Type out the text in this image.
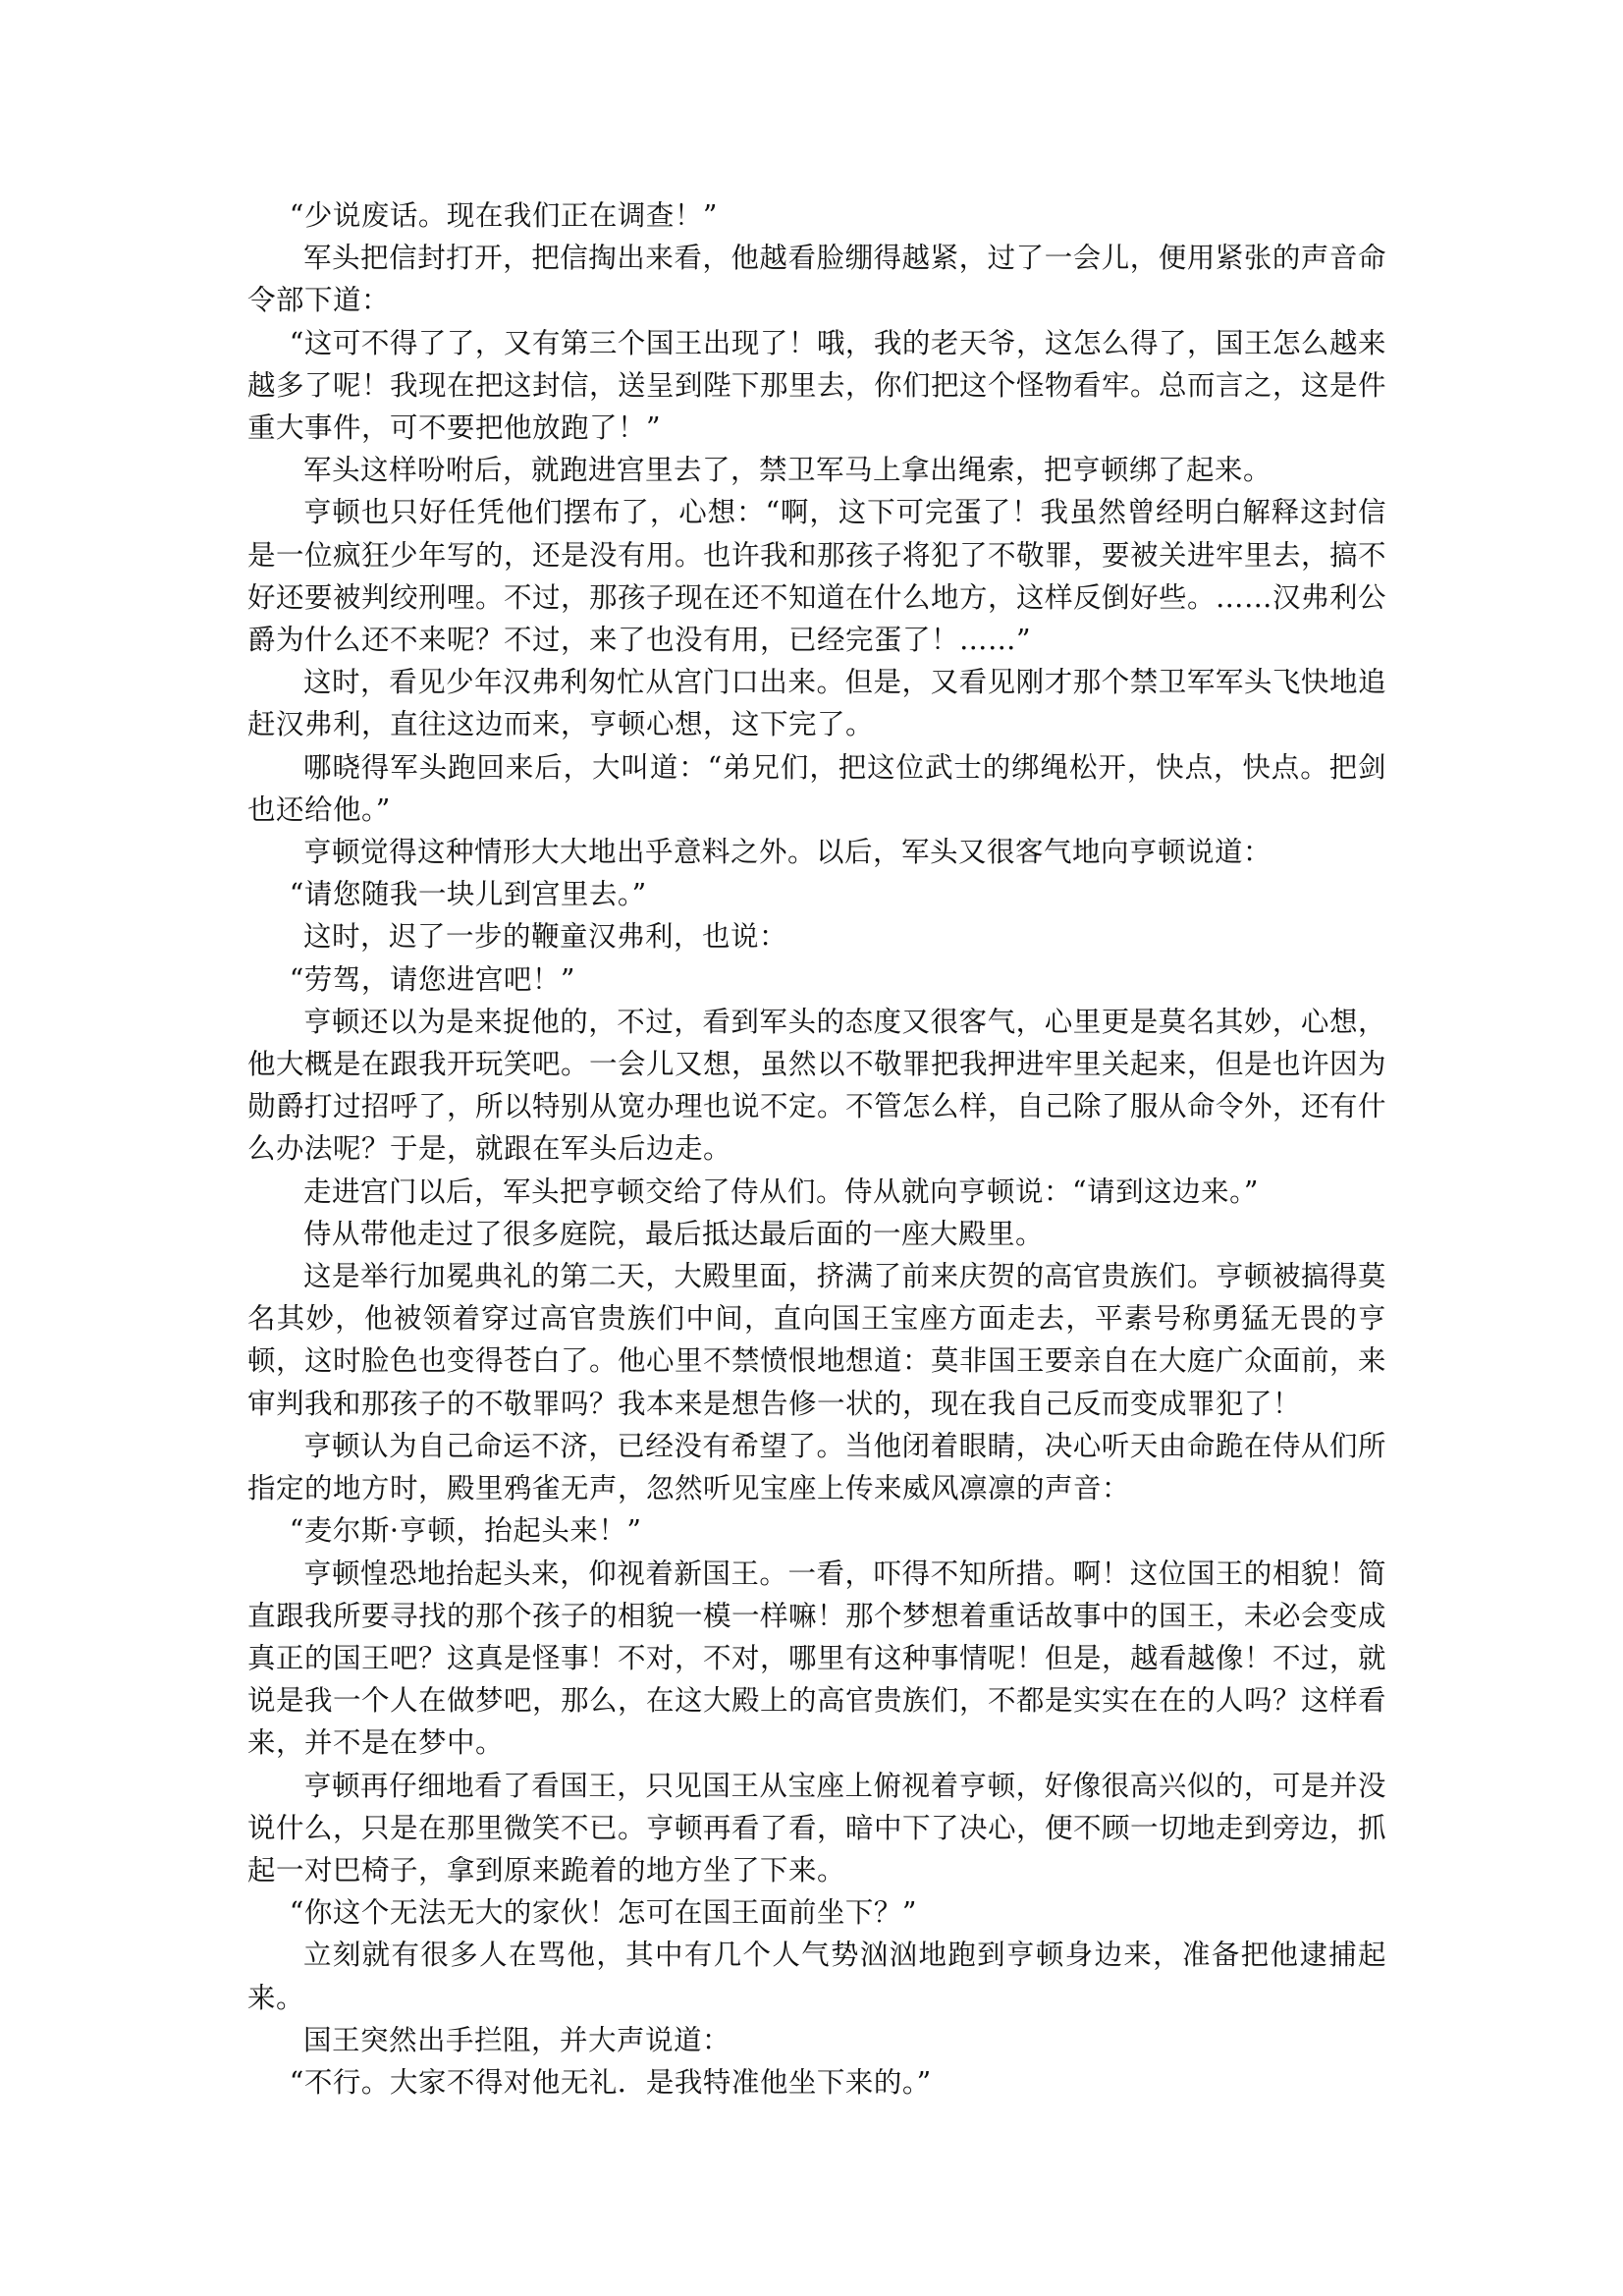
“少说废话。现在我们正在调查！”

军头把信封打开，把信掏出来看，他越看脸绷得越紧，过了一会儿，便用紧张的声音命令部下道：

“这可不得了了，又有第三个国王出现了！哦，我的老天爷，这怎么得了，国王怎么越来越多了呢！我现在把这封信，送呈到陛下那里去，你们把这个怪物看牢。总而言之，这是件重大事件，可不要把他放跑了！”

军头这样吩咐后，就跑进宫里去了，禁卫军马上拿出绳索，把亨顿绑了起来。

亨顿也只好任凭他们摆布了，心想：“啊，这下可完蛋了！我虽然曾经明白解释这封信是一位疯狂少年写的，还是没有用。也许我和那孩子将犯了不敬罪，要被关进牢里去，搞不好还要被判绞刑哩。不过，那孩子现在还不知道在什么地方，这样反倒好些。……汉弗利公爵为什么还不来呢？不过，来了也没有用，已经完蛋了！……”

这时，看见少年汉弗利匆忙从宫门口出来。但是，又看见刚才那个禁卫军军头飞快地追赶汉弗利，直往这边而来，亨顿心想，这下完了。

哪晓得军头跑回来后，大叫道：“弟兄们，把这位武士的绑绳松开，快点，快点。把剑也还给他。”

亨顿觉得这种情形大大地出乎意料之外。以后，军头又很客气地向亨顿说道：

“请您随我一块儿到宫里去。”

这时，迟了一步的鞭童汉弗利，也说：

“劳驾，请您进宫吧！”

亨顿还以为是来捉他的，不过，看到军头的态度又很客气，心里更是莫名其妙，心想，他大概是在跟我开玩笑吧。一会儿又想，虽然以不敬罪把我押进牢里关起来，但是也许因为勋爵打过招呼了，所以特别从宽办理也说不定。不管怎么样，自己除了服从命令外，还有什么办法呢？于是，就跟在军头后边走。

走进宫门以后，军头把亨顿交给了侍从们。侍从就向亨顿说：“请到这边来。”

侍从带他走过了很多庭院，最后抵达最后面的一座大殿里。

这是举行加冕典礼的第二天，大殿里面，挤满了前来庆贺的高官贵族们。亨顿被搞得莫名其妙，他被领着穿过高官贵族们中间，直向国王宝座方面走去，平素号称勇猛无畏的亨顿，这时脸色也变得苍白了。他心里不禁愤恨地想道：莫非国王要亲自在大庭广众面前，来审判我和那孩子的不敬罪吗？我本来是想告修一状的，现在我自己反而变成罪犯了！

亨顿认为自己命运不济，已经没有希望了。当他闭着眼睛，决心听天由命跪在侍从们所指定的地方时，殿里鸦雀无声，忽然听见宝座上传来威风凛凛的声音：

“麦尔斯·亨顿，抬起头来！”

亨顿惶恐地抬起头来，仰视着新国王。一看，吓得不知所措。啊！这位国王的相貌！简直跟我所要寻找的那个孩子的相貌一模一样嘛！那个梦想着重话故事中的国王，未必会变成真正的国王吧？这真是怪事！不对，不对，哪里有这种事情呢！但是，越看越像！不过，就说是我一个人在做梦吧，那么，在这大殿上的高官贵族们，不都是实实在在的人吗？这样看来，并不是在梦中。

亨顿再仔细地看了看国王，只见国王从宝座上俯视着亨顿，好像很高兴似的，可是并没说什么，只是在那里微笑不已。亨顿再看了看，暗中下了决心，便不顾一切地走到旁边，抓起一对巴椅子，拿到原来跪着的地方坐了下来。

“你这个无法无大的家伙！怎可在国王面前坐下？”

立刻就有很多人在骂他，其中有几个人气势汹汹地跑到亨顿身边来，准备把他逮捕起来。

国王突然出手拦阻，并大声说道：

“不行。大家不得对他无礼．是我特准他坐下来的。”
